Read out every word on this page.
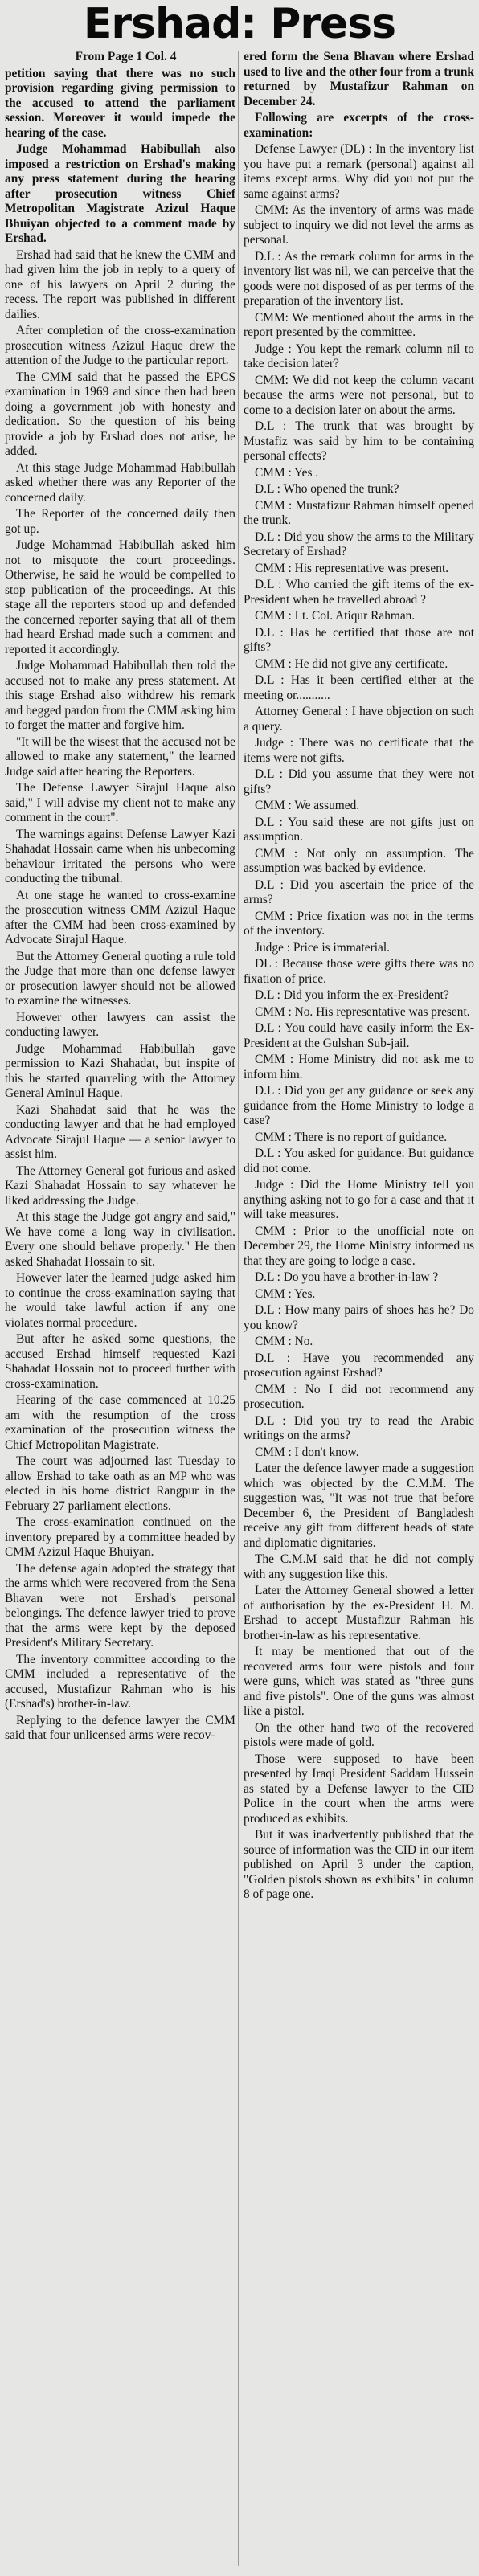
Ershad: Press

From Page 1 Col. 4

petition saying that there was no such provision regarding giving permission to the accused to attend the parliament session. Moreover it would impede the hearing of the case.

Judge Mohammad Habibullah also imposed a restriction on Ershad's making any press statement during the hearing after prosecution witness Chief Metropolitan Magistrate Azizul Haque Bhuiyan objected to a comment made by Ershad.

Ershad had said that he knew the CMM and had given him the job in reply to a query of one of his lawyers on April 2 during the recess. The report was published in different dailies.

After completion of the cross-examination prosecution witness Azizul Haque drew the attention of the Judge to the particular report.

The CMM said that he passed the EPCS examination in 1969 and since then had been doing a government job with honesty and dedication. So the question of his being provide a job by Ershad does not arise, he added.

At this stage Judge Mohammad Habibullah asked whether there was any Reporter of the concerned daily.

The Reporter of the concerned daily then got up.

Judge Mohammad Habibullah asked him not to misquote the court proceedings. Otherwise, he said he would be compelled to stop publication of the proceedings. At this stage all the reporters stood up and defended the concerned reporter saying that all of them had heard Ershad made such a comment and reported it accordingly.

Judge Mohammad Habibullah then told the accused not to make any press statement. At this stage Ershad also withdrew his remark and begged pardon from the CMM asking him to forget the matter and forgive him.

"It will be the wisest that the accused not be allowed to make any statement," the learned Judge said after hearing the Reporters.

The Defense Lawyer Sirajul Haque also said," I will advise my client not to make any comment in the court".

The warnings against Defense Lawyer Kazi Shahadat Hossain came when his unbecoming behaviour irritated the persons who were conducting the tribunal.

At one stage he wanted to cross-examine the prosecution witness CMM Azizul Haque after the CMM had been cross-examined by Advocate Sirajul Haque.

But the Attorney General quoting a rule told the Judge that more than one defense lawyer or prosecution lawyer should not be allowed to examine the witnesses.

However other lawyers can assist the conducting lawyer.

Judge Mohammad Habibullah gave permission to Kazi Shahadat, but inspite of this he started quarreling with the Attorney General Aminul Haque.

Kazi Shahadat said that he was the conducting lawyer and that he had employed Advocate Sirajul Haque — a senior lawyer to assist him.

The Attorney General got furious and asked Kazi Shahadat Hossain to say whatever he liked addressing the Judge.

At this stage the Judge got angry and said," We have come a long way in civilisation. Every one should behave properly." He then asked Shahadat Hossain to sit.

However later the learned judge asked him to continue the cross-examination saying that he would take lawful action if any one violates normal procedure.

But after he asked some questions, the accused Ershad himself requested Kazi Shahadat Hossain not to proceed further with cross-examination.

Hearing of the case commenced at 10.25 am with the resumption of the cross examination of the prosecution witness the Chief Metropolitan Magistrate.

The court was adjourned last Tuesday to allow Ershad to take oath as an MP who was elected in his home district Rangpur in the February 27 parliament elections.

The cross-examination continued on the inventory prepared by a committee headed by CMM Azizul Haque Bhuiyan.

The defense again adopted the strategy that the arms which were recovered from the Sena Bhavan were not Ershad's personal belongings. The defence lawyer tried to prove that the arms were kept by the deposed President's Military Secretary.

The inventory committee according to the CMM included a representative of the accused, Mustafizur Rahman who is his (Ershad's) brother-in-law.

Replying to the defence lawyer the CMM said that four unlicensed arms were recov-

ered form the Sena Bhavan where Ershad used to live and the other four from a trunk returned by Mustafizur Rahman on December 24.

Following are excerpts of the cross-examination:

Defense Lawyer (DL) : In the inventory list you have put a remark (personal) against all items except arms. Why did you not put the same against arms?

CMM: As the inventory of arms was made subject to inquiry we did not level the arms as personal.

D.L : As the remark column for arms in the inventory list was nil, we can perceive that the goods were not disposed of as per terms of the preparation of the inventory list.

CMM: We mentioned about the arms in the report presented by the committee.

Judge : You kept the remark column nil to take decision later?

CMM: We did not keep the column vacant because the arms were not personal, but to come to a decision later on about the arms.

D.L : The trunk that was brought by Mustafiz was said by him to be containing personal effects?

CMM : Yes .

D.L : Who opened the trunk?

CMM : Mustafizur Rahman himself opened the trunk.

D.L : Did you show the arms to the Military Secretary of Ershad?

CMM : His representative was present.

D.L : Who carried the gift items of the ex-President when he travelled abroad ?

CMM : Lt. Col. Atiqur Rahman.

D.L : Has he certified that those are not gifts?

CMM : He did not give any certificate.

D.L : Has it been certified either at the meeting or...........

Attorney General : I have objection on such a query.

Judge : There was no certificate that the items were not gifts.

D.L : Did you assume that they were not gifts?

CMM : We assumed.

D.L : You said these are not gifts just on assumption.

CMM : Not only on assumption. The assumption was backed by evidence.

D.L : Did you ascertain the price of the arms?

CMM : Price fixation was not in the terms of the inventory.

Judge : Price is immaterial.

DL : Because those were gifts there was no fixation of price.

D.L : Did you inform the ex-President?

CMM : No. His representative was present.

D.L : You could have easily inform the Ex-President at the Gulshan Sub-jail.

CMM : Home Ministry did not ask me to inform him.

D.L : Did you get any guidance or seek any guidance from the Home Ministry to lodge a case?

CMM : There is no report of guidance.

D.L : You asked for guidance. But guidance did not come.

Judge : Did the Home Ministry tell you anything asking not to go for a case and that it will take measures.

CMM : Prior to the unofficial note on December 29, the Home Ministry informed us that they are going to lodge a case.

D.L : Do you have a brother-in-law ?

CMM : Yes.

D.L : How many pairs of shoes has he? Do you know?

CMM : No.

D.L : Have you recommended any prosecution against Ershad?

CMM : No I did not recommend any prosecution.

D.L : Did you try to read the Arabic writings on the arms?

CMM : I don't know.

Later the defence lawyer made a suggestion which was objected by the C.M.M. The suggestion was, "It was not true that before December 6, the President of Bangladesh receive any gift from different heads of state and diplomatic dignitaries.

The C.M.M said that he did not comply with any suggestion like this.

Later the Attorney General showed a letter of authorisation by the ex-President H. M. Ershad to accept Mustafizur Rahman his brother-in-law as his representative.

It may be mentioned that out of the recovered arms four were pistols and four were guns, which was stated as "three guns and five pistols". One of the guns was almost like a pistol.

On the other hand two of the recovered pistols were made of gold.

Those were supposed to have been presented by Iraqi President Saddam Hussein as stated by a Defense lawyer to the CID Police in the court when the arms were produced as exhibits.

But it was inadvertently published that the source of information was the CID in our item published on April 3 under the caption, "Golden pistols shown as exhibits" in column 8 of page one.
